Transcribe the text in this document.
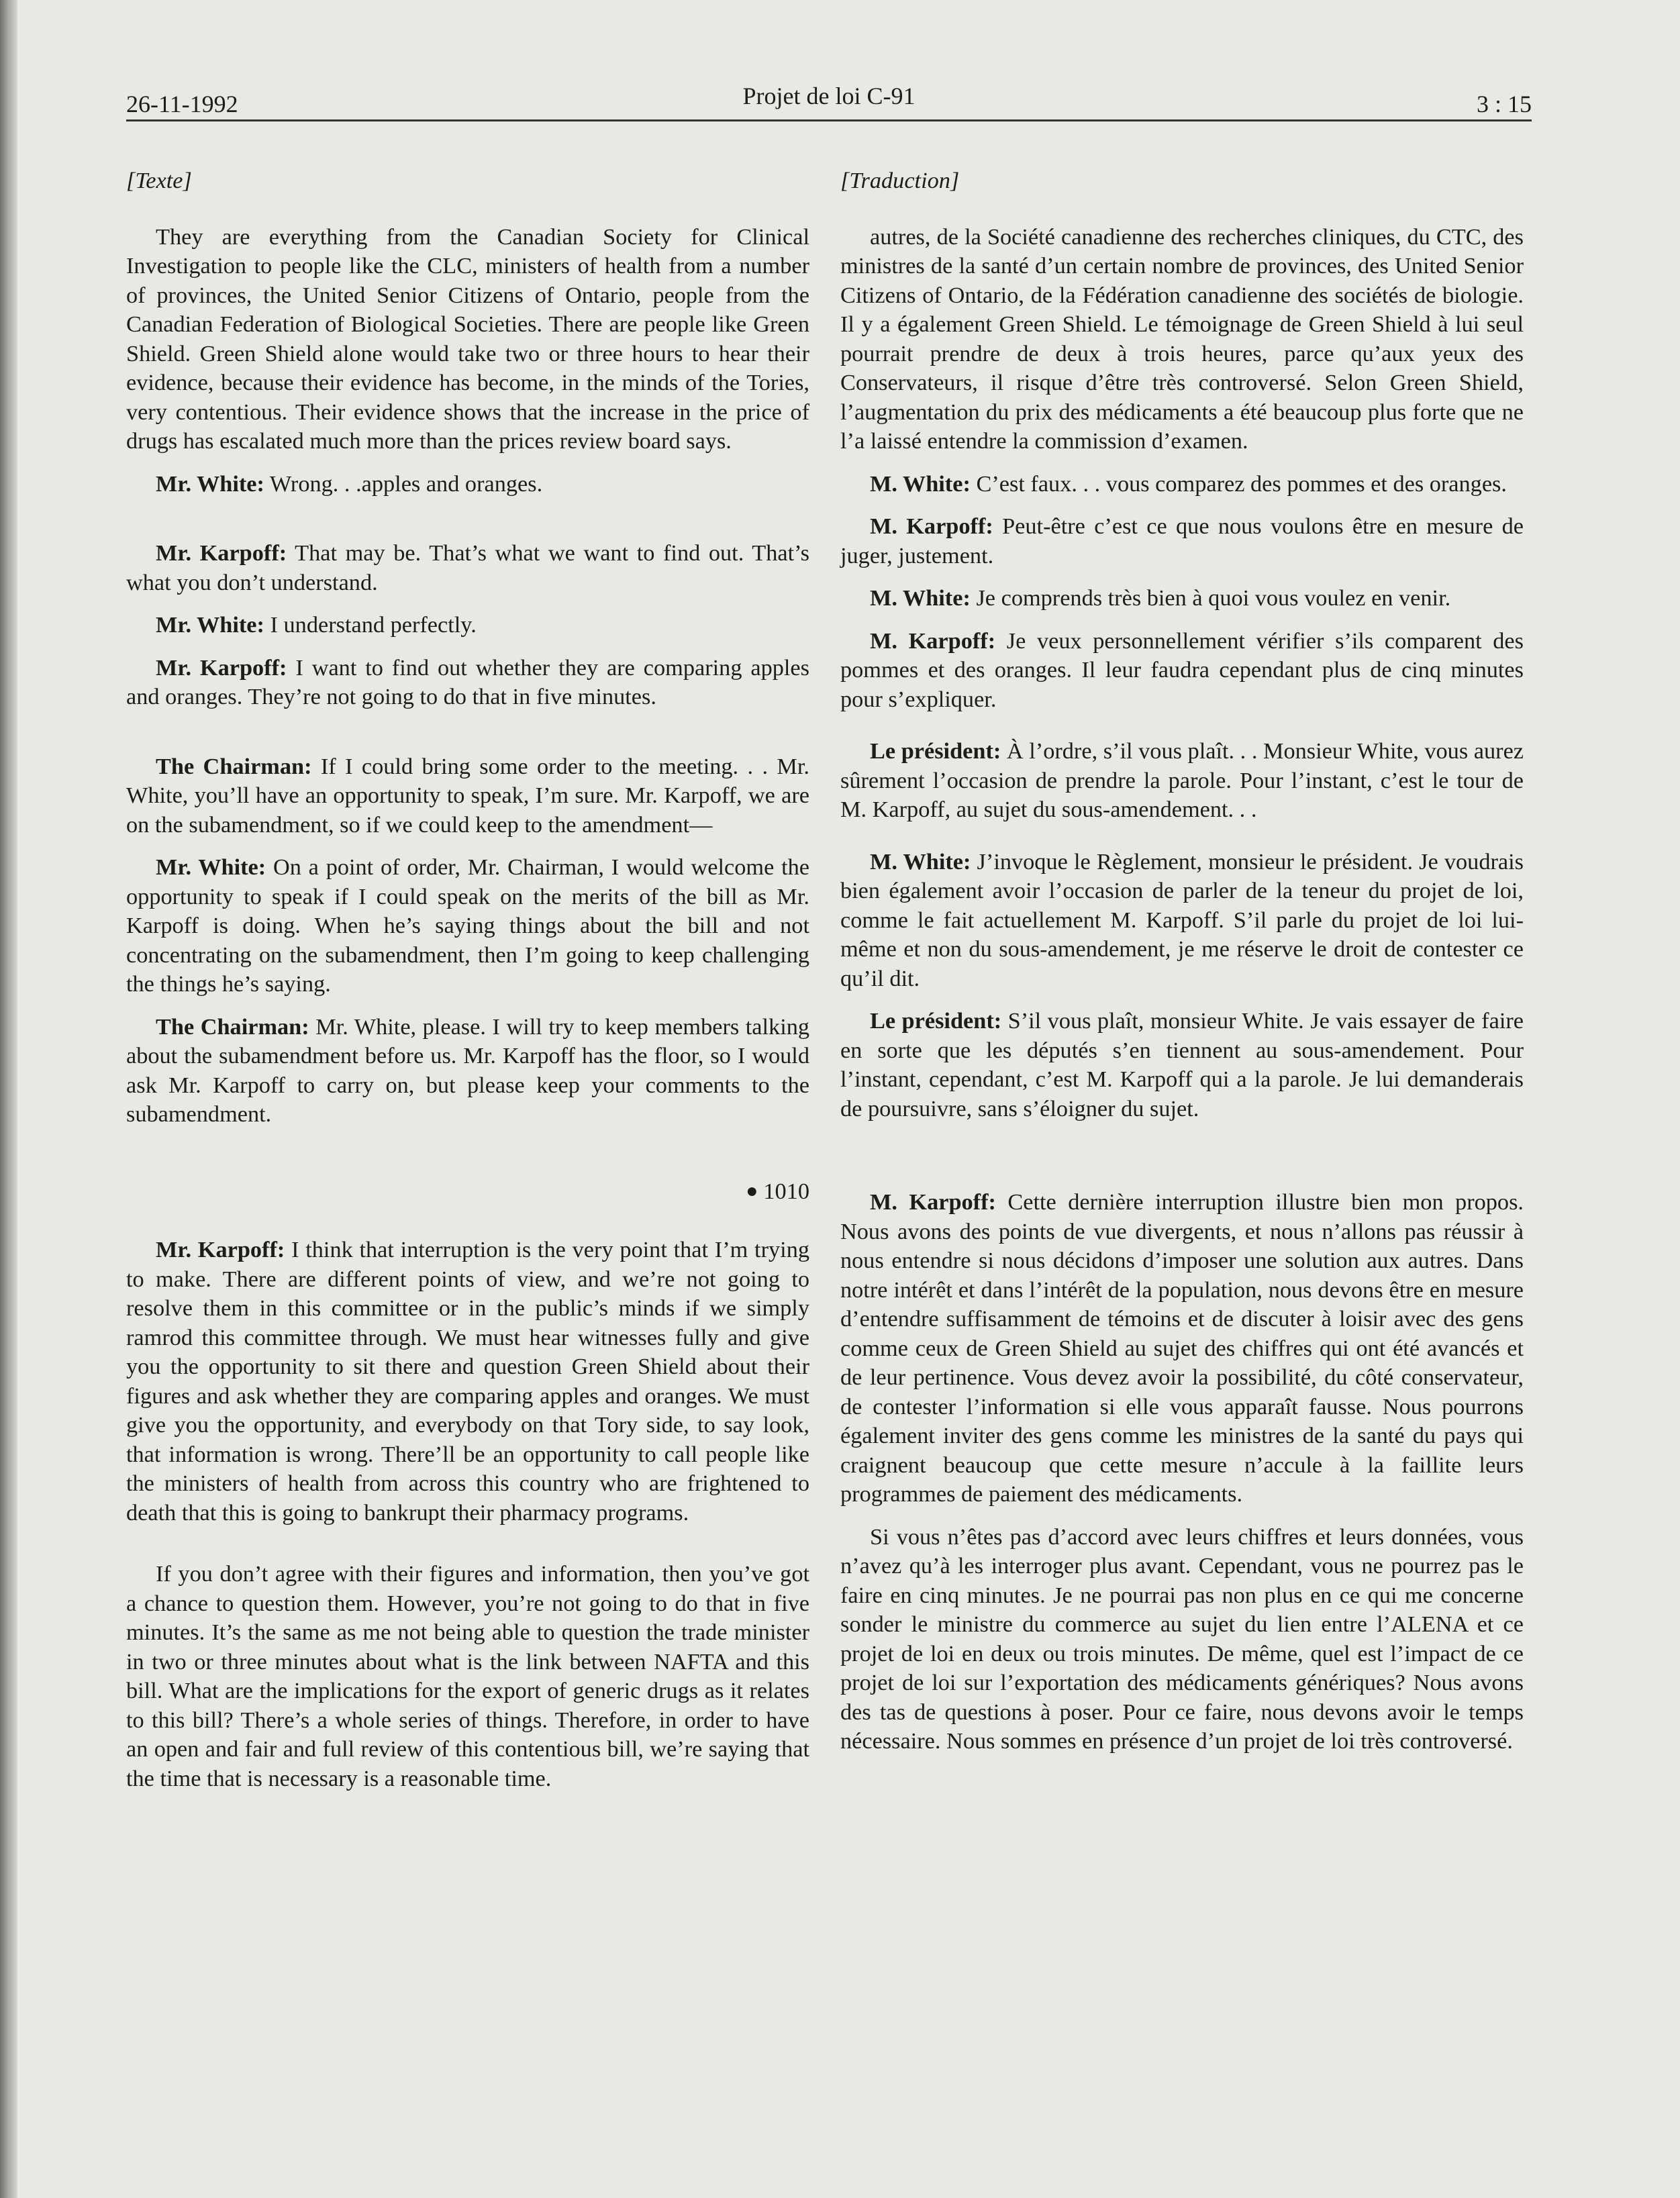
26-11-1992	Projet de loi C-91	3 : 15
[Texte]

They are everything from the Canadian Society for Clinical Investigation to people like the CLC, ministers of health from a number of provinces, the United Senior Citizens of Ontario, people from the Canadian Federation of Biological Societies. There are people like Green Shield. Green Shield alone would take two or three hours to hear their evidence, because their evidence has become, in the minds of the Tories, very contentious. Their evidence shows that the increase in the price of drugs has escalated much more than the prices review board says.

Mr. White: Wrong. . .apples and oranges.

Mr. Karpoff: That may be. That’s what we want to find out. That’s what you don’t understand.

Mr. White: I understand perfectly.

Mr. Karpoff: I want to find out whether they are comparing apples and oranges. They’re not going to do that in five minutes.

The Chairman: If I could bring some order to the meeting. . . Mr. White, you’ll have an opportunity to speak, I’m sure. Mr. Karpoff, we are on the subamendment, so if we could keep to the amendment—

Mr. White: On a point of order, Mr. Chairman, I would welcome the opportunity to speak if I could speak on the merits of the bill as Mr. Karpoff is doing. When he’s saying things about the bill and not concentrating on the subamendment, then I’m going to keep challenging the things he’s saying.

The Chairman: Mr. White, please. I will try to keep members talking about the subamendment before us. Mr. Karpoff has the floor, so I would ask Mr. Karpoff to carry on, but please keep your comments to the subamendment.

● 1010

Mr. Karpoff: I think that interruption is the very point that I’m trying to make. There are different points of view, and we’re not going to resolve them in this committee or in the public’s minds if we simply ramrod this committee through. We must hear witnesses fully and give you the opportunity to sit there and question Green Shield about their figures and ask whether they are comparing apples and oranges. We must give you the opportunity, and everybody on that Tory side, to say look, that information is wrong. There’ll be an opportunity to call people like the ministers of health from across this country who are frightened to death that this is going to bankrupt their pharmacy programs.

If you don’t agree with their figures and information, then you’ve got a chance to question them. However, you’re not going to do that in five minutes. It’s the same as me not being able to question the trade minister in two or three minutes about what is the link between NAFTA and this bill. What are the implications for the export of generic drugs as it relates to this bill? There’s a whole series of things. Therefore, in order to have an open and fair and full review of this contentious bill, we’re saying that the time that is necessary is a reasonable time.

[Traduction]

autres, de la Société canadienne des recherches cliniques, du CTC, des ministres de la santé d’un certain nombre de provinces, des United Senior Citizens of Ontario, de la Fédération canadienne des sociétés de biologie. Il y a également Green Shield. Le témoignage de Green Shield à lui seul pourrait prendre de deux à trois heures, parce qu’aux yeux des Conservateurs, il risque d’être très controversé. Selon Green Shield, l’augmentation du prix des médicaments a été beaucoup plus forte que ne l’a laissé entendre la commission d’examen.

M. White: C’est faux. . . vous comparez des pommes et des oranges.

M. Karpoff: Peut-être c’est ce que nous voulons être en mesure de juger, justement.

M. White: Je comprends très bien à quoi vous voulez en venir.

M. Karpoff: Je veux personnellement vérifier s’ils comparent des pommes et des oranges. Il leur faudra cependant plus de cinq minutes pour s’expliquer.

Le président: À l’ordre, s’il vous plaît. . . Monsieur White, vous aurez sûrement l’occasion de prendre la parole. Pour l’instant, c’est le tour de M. Karpoff, au sujet du sous-amendement. . .

M. White: J’invoque le Règlement, monsieur le président. Je voudrais bien également avoir l’occasion de parler de la teneur du projet de loi, comme le fait actuellement M. Karpoff. S’il parle du projet de loi lui-même et non du sous-amendement, je me réserve le droit de contester ce qu’il dit.

Le président: S’il vous plaît, monsieur White. Je vais essayer de faire en sorte que les députés s’en tiennent au sous-amendement. Pour l’instant, cependant, c’est M. Karpoff qui a la parole. Je lui demanderais de poursuivre, sans s’éloigner du sujet.

M. Karpoff: Cette dernière interruption illustre bien mon propos. Nous avons des points de vue divergents, et nous n’allons pas réussir à nous entendre si nous décidons d’imposer une solution aux autres. Dans notre intérêt et dans l’intérêt de la population, nous devons être en mesure d’entendre suffisamment de témoins et de discuter à loisir avec des gens comme ceux de Green Shield au sujet des chiffres qui ont été avancés et de leur pertinence. Vous devez avoir la possibilité, du côté conservateur, de contester l’information si elle vous apparaît fausse. Nous pourrons également inviter des gens comme les ministres de la santé du pays qui craignent beaucoup que cette mesure n’accule à la faillite leurs programmes de paiement des médicaments.

Si vous n’êtes pas d’accord avec leurs chiffres et leurs données, vous n’avez qu’à les interroger plus avant. Cependant, vous ne pourrez pas le faire en cinq minutes. Je ne pourrai pas non plus en ce qui me concerne sonder le ministre du commerce au sujet du lien entre l’ALENA et ce projet de loi en deux ou trois minutes. De même, quel est l’impact de ce projet de loi sur l’exportation des médicaments génériques? Nous avons des tas de questions à poser. Pour ce faire, nous devons avoir le temps nécessaire. Nous sommes en présence d’un projet de loi très controversé.
